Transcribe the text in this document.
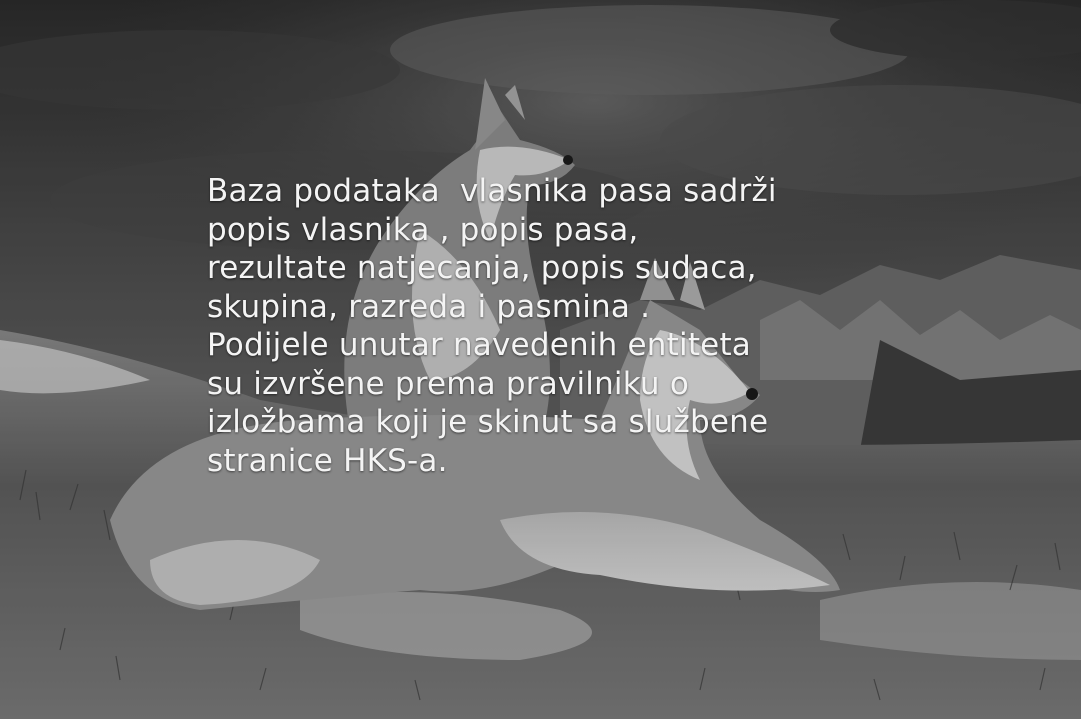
Baza podataka  vlasnika pasa sadrži
popis vlasnika , popis pasa,
rezultate natjecanja, popis sudaca,
skupina, razreda i pasmina .
Podijele unutar navedenih entiteta
su izvršene prema pravilniku o
izložbama koji je skinut sa službene
stranice HKS-a.
